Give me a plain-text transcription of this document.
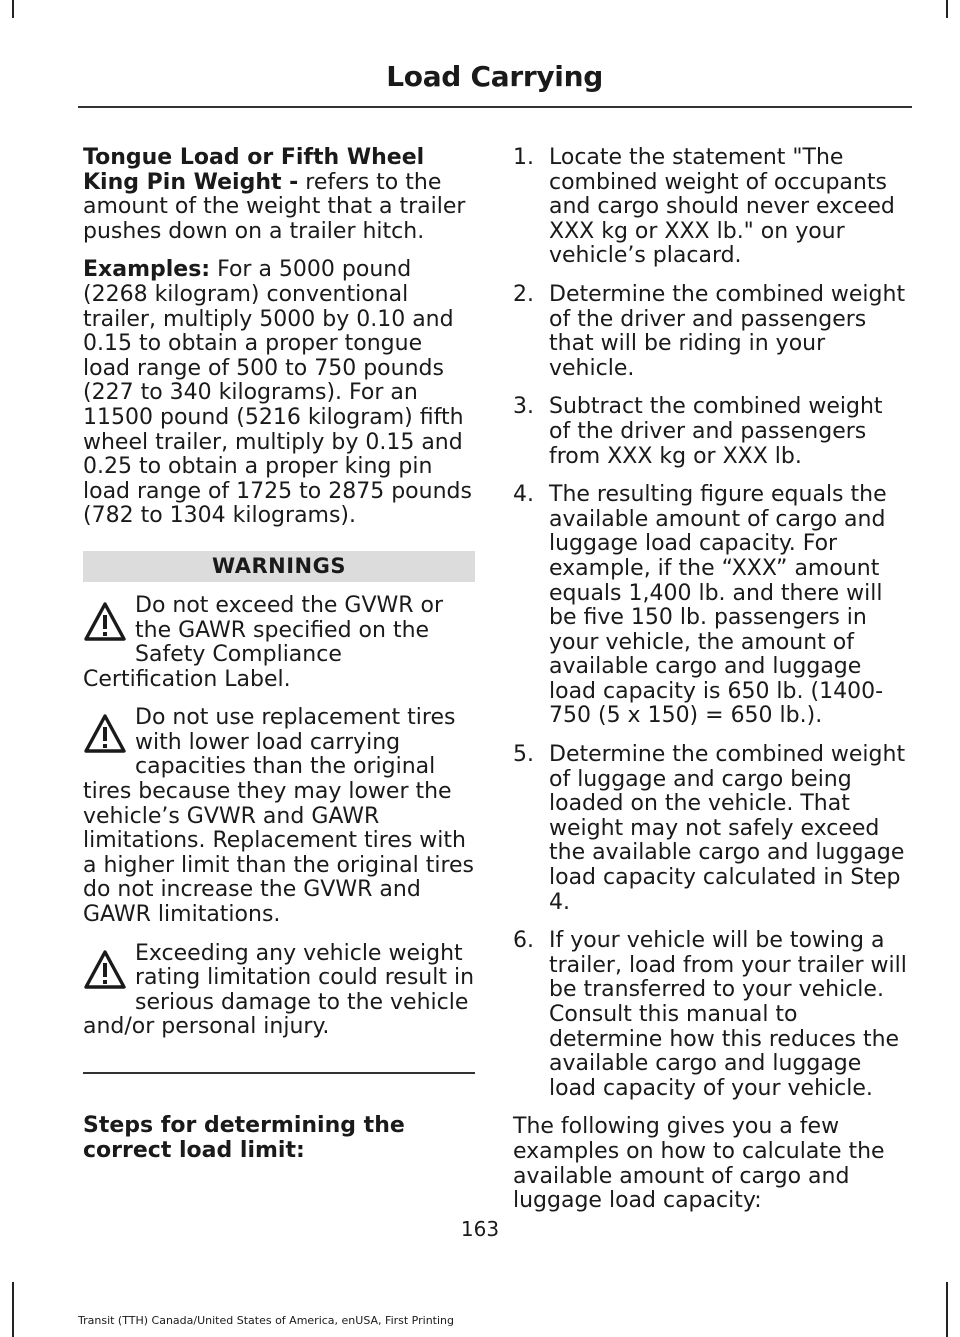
Load Carrying

Tongue Load or Fifth Wheel King Pin Weight - refers to the amount of the weight that a trailer pushes down on a trailer hitch.

Examples: For a 5000 pound (2268 kilogram) conventional trailer, multiply 5000 by 0.10 and 0.15 to obtain a proper tongue load range of 500 to 750 pounds (227 to 340 kilograms). For an 11500 pound (5216 kilogram) fifth wheel trailer, multiply by 0.15 and 0.25 to obtain a proper king pin load range of 1725 to 2875 pounds (782 to 1304 kilograms).

WARNINGS
Do not exceed the GVWR or the GAWR specified on the Safety Compliance Certification Label.
Do not use replacement tires with lower load carrying capacities than the original tires because they may lower the vehicle’s GVWR and GAWR limitations. Replacement tires with a higher limit than the original tires do not increase the GVWR and GAWR limitations.
Exceeding any vehicle weight rating limitation could result in serious damage to the vehicle and/or personal injury.

Steps for determining the correct load limit:

1. Locate the statement "The combined weight of occupants and cargo should never exceed XXX kg or XXX lb." on your vehicle’s placard.
2. Determine the combined weight of the driver and passengers that will be riding in your vehicle.
3. Subtract the combined weight of the driver and passengers from XXX kg or XXX lb.
4. The resulting figure equals the available amount of cargo and luggage load capacity. For example, if the “XXX” amount equals 1,400 lb. and there will be five 150 lb. passengers in your vehicle, the amount of available cargo and luggage load capacity is 650 lb. (1400-750 (5 x 150) = 650 lb.).
5. Determine the combined weight of luggage and cargo being loaded on the vehicle. That weight may not safely exceed the available cargo and luggage load capacity calculated in Step 4.
6. If your vehicle will be towing a trailer, load from your trailer will be transferred to your vehicle. Consult this manual to determine how this reduces the available cargo and luggage load capacity of your vehicle.

The following gives you a few examples on how to calculate the available amount of cargo and luggage load capacity:

163
Transit (TTH) Canada/United States of America, enUSA, First Printing
